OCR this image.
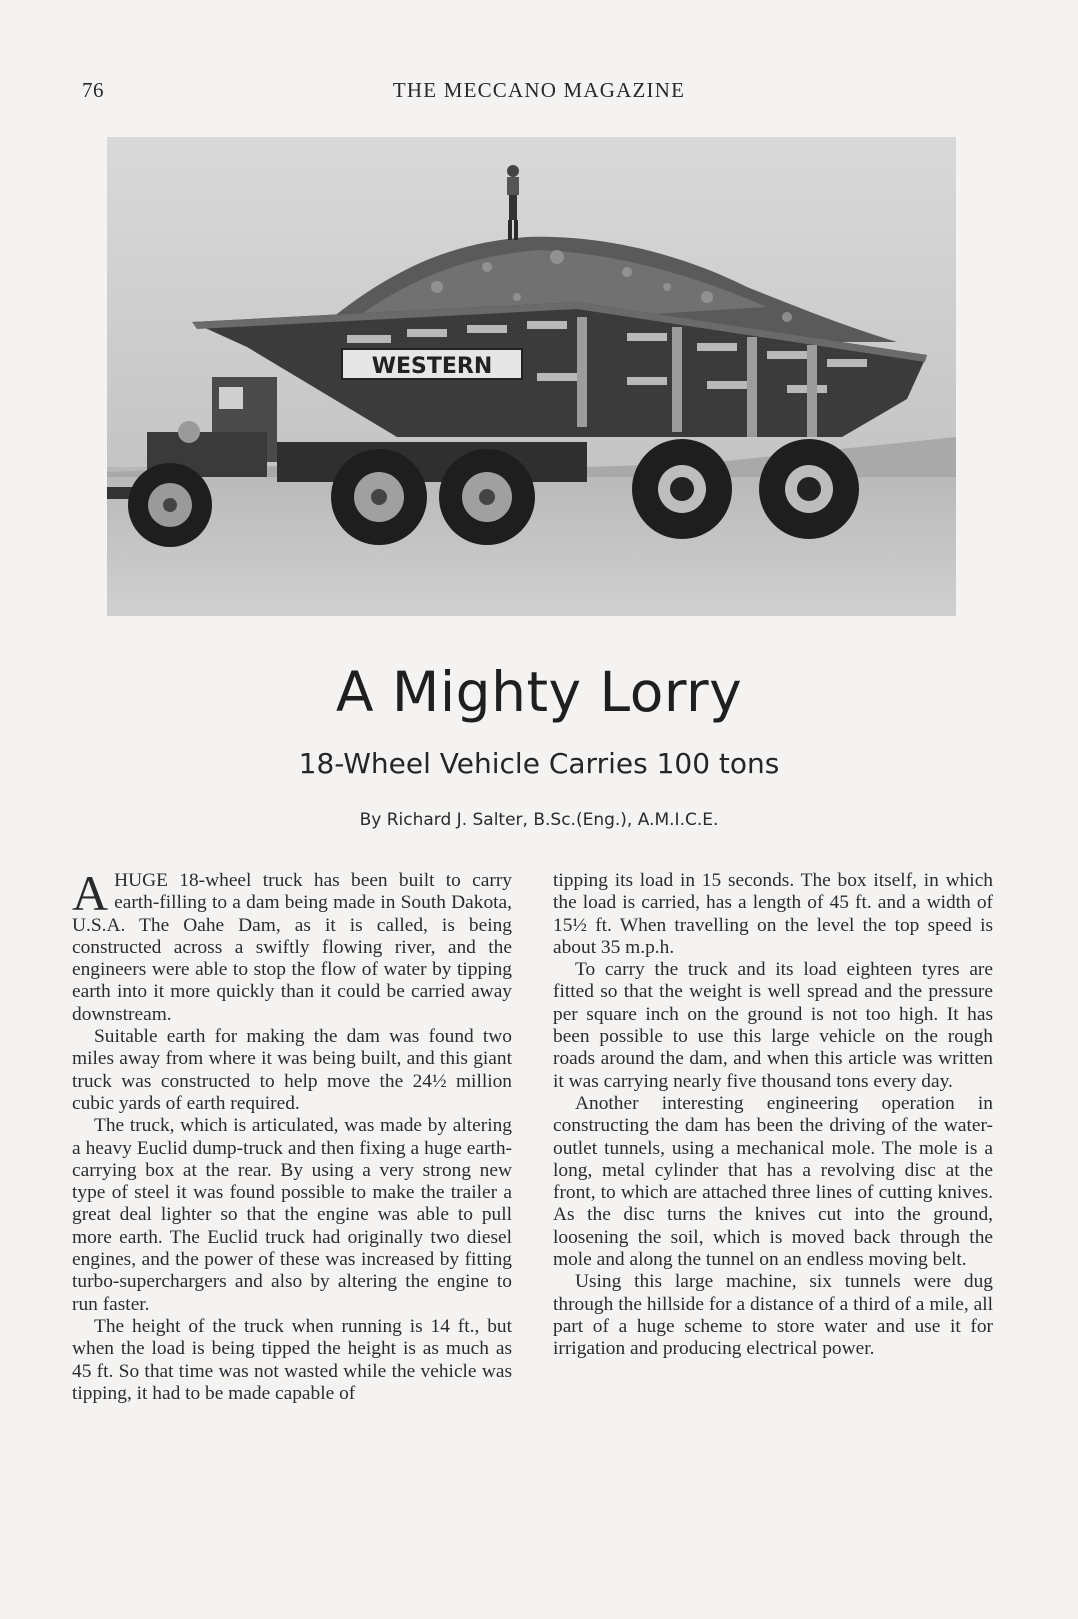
76	THE MECCANO MAGAZINE
WESTERN
A Mighty Lorry
18-Wheel Vehicle Carries 100 tons
By Richard J. Salter, B.Sc.(Eng.), A.M.I.C.E.

AHUGE 18-wheel truck has been built to carry earth-filling to a dam being made in South Dakota, U.S.A. The Oahe Dam, as it is called, is being constructed across a swiftly flowing river, and the engineers were able to stop the flow of water by tipping earth into it more quickly than it could be carried away downstream.

Suitable earth for making the dam was found two miles away from where it was being built, and this giant truck was constructed to help move the 24½ million cubic yards of earth required.

The truck, which is articulated, was made by altering a heavy Euclid dump-truck and then fixing a huge earth-carrying box at the rear. By using a very strong new type of steel it was found possible to make the trailer a great deal lighter so that the engine was able to pull more earth. The Euclid truck had originally two diesel engines, and the power of these was increased by fitting turbo-superchargers and also by altering the engine to run faster.

The height of the truck when running is 14 ft., but when the load is being tipped the height is as much as 45 ft. So that time was not wasted while the vehicle was tipping, it had to be made capable of

tipping its load in 15 seconds. The box itself, in which the load is carried, has a length of 45 ft. and a width of 15½ ft. When travelling on the level the top speed is about 35 m.p.h.

To carry the truck and its load eighteen tyres are fitted so that the weight is well spread and the pressure per square inch on the ground is not too high. It has been possible to use this large vehicle on the rough roads around the dam, and when this article was written it was carrying nearly five thousand tons every day.

Another interesting engineering operation in constructing the dam has been the driving of the water-outlet tunnels, using a mechanical mole. The mole is a long, metal cylinder that has a revolving disc at the front, to which are attached three lines of cutting knives. As the disc turns the knives cut into the ground, loosening the soil, which is moved back through the mole and along the tunnel on an endless moving belt.

Using this large machine, six tunnels were dug through the hillside for a distance of a third of a mile, all part of a huge scheme to store water and use it for irrigation and producing electrical power.
